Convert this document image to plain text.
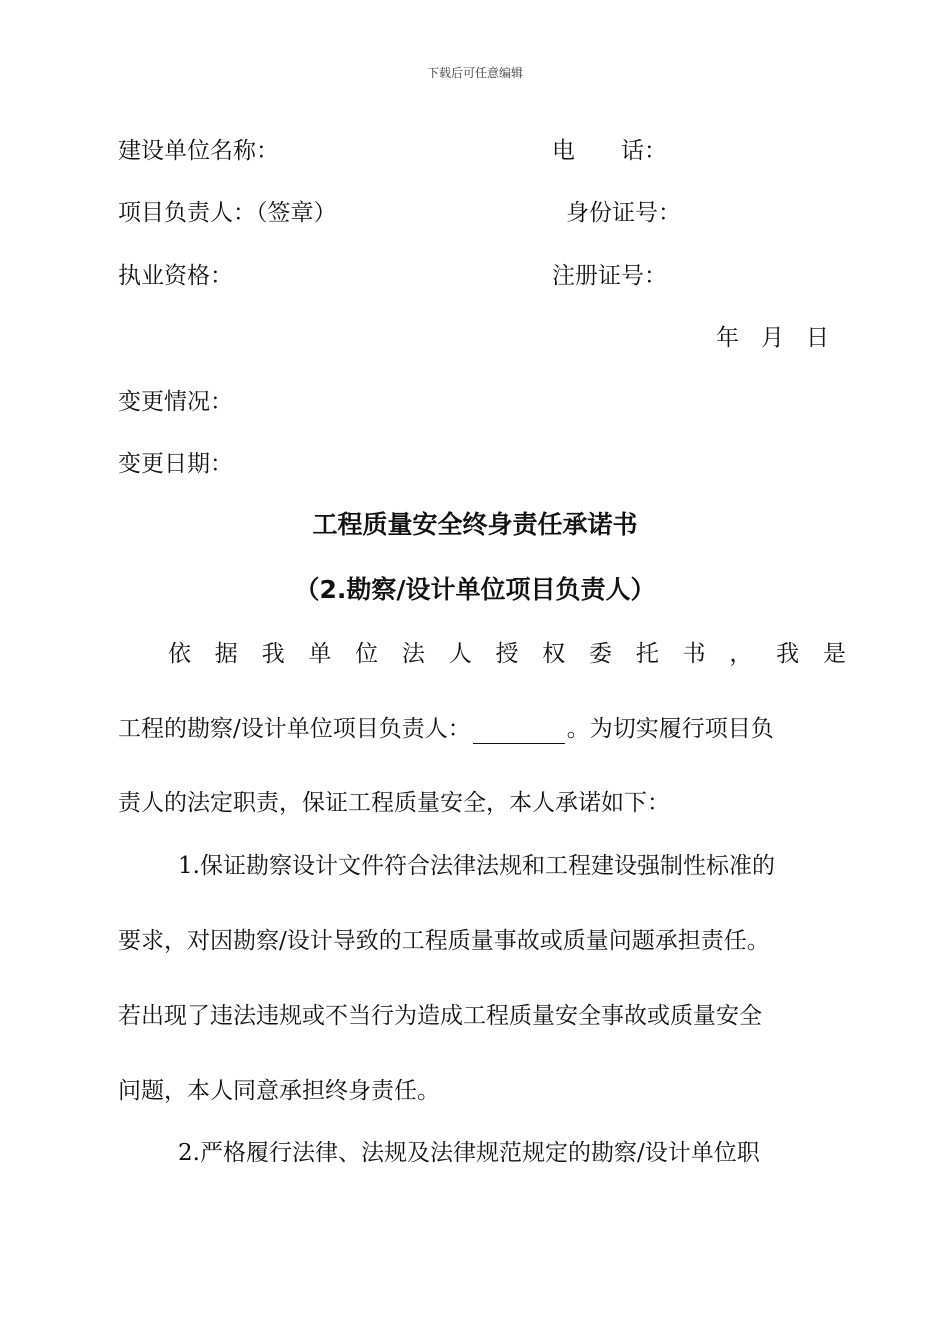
下载后可任意编辑
建设单位名称：	电　　话：
项目负责人：（签章）	身份证号：
执业资格：	注册证号：
年 月 日
变更情况：
变更日期：
工程质量安全终身责任承诺书
（2.勘察/设计单位项目负责人）
依 据 我 单 位 法 人 授 权 委 托 书 ， 我 是
工程的勘察/设计单位项目负责人：	。为切实履行项目负
责人的法定职责，保证工程质量安全，本人承诺如下：
1.保证勘察设计文件符合法律法规和工程建设强制性标准的
要求，对因勘察/设计导致的工程质量事故或质量问题承担责任。
若出现了违法违规或不当行为造成工程质量安全事故或质量安全
问题，本人同意承担终身责任。
2.严格履行法律、法规及法律规范规定的勘察/设计单位职
